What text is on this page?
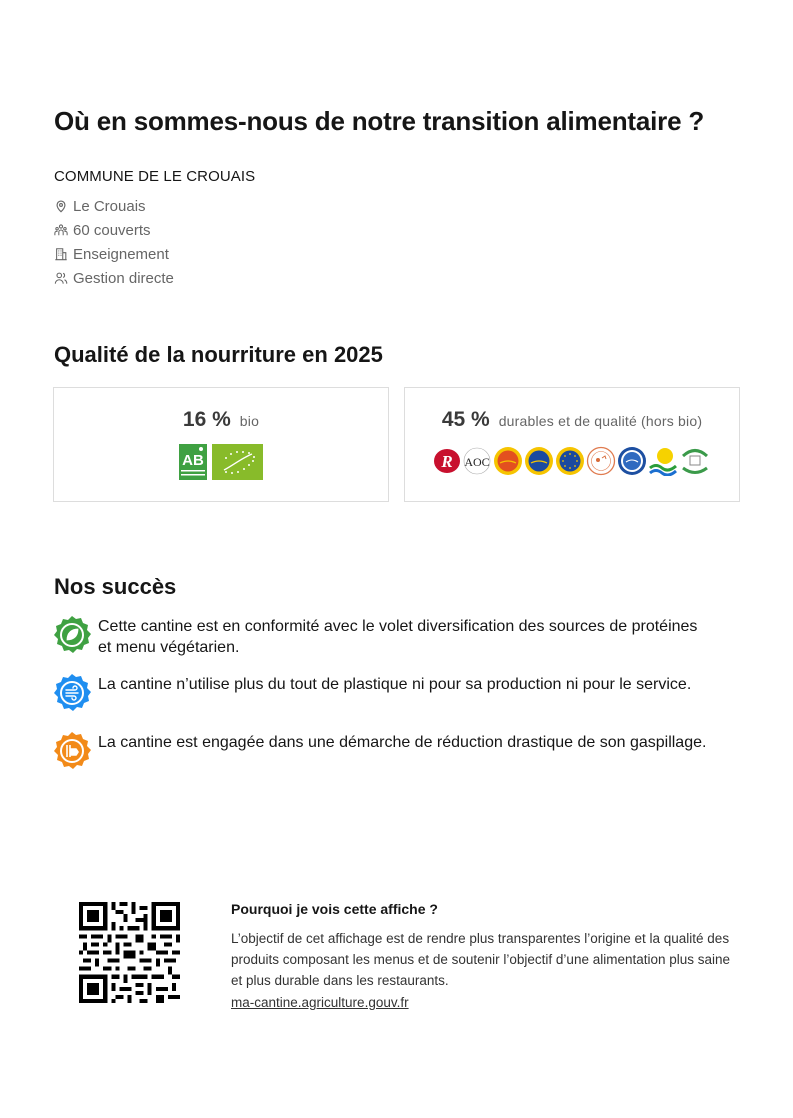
Où en sommes-nous de notre transition alimentaire ?
COMMUNE DE LE CROUAIS
Le Crouais
60 couverts
Enseignement
Gestion directe
Qualité de la nourriture en 2025
16 % bio
AB
45 % durables et de qualité (hors bio)
R AOC
Nos succès
Cette cantine est en conformité avec le volet diversification des sources de protéines et menu végétarien.
La cantine n’utilise plus du tout de plastique ni pour sa production ni pour le service.
La cantine est engagée dans une démarche de réduction drastique de son gaspillage.
Pourquoi je vois cette affiche ?
L’objectif de cet affichage est de rendre plus transparentes l’origine et la qualité des produits composant les menus et de soutenir l’objectif d’une alimentation plus saine et plus durable dans les restaurants.
ma-cantine.agriculture.gouv.fr
